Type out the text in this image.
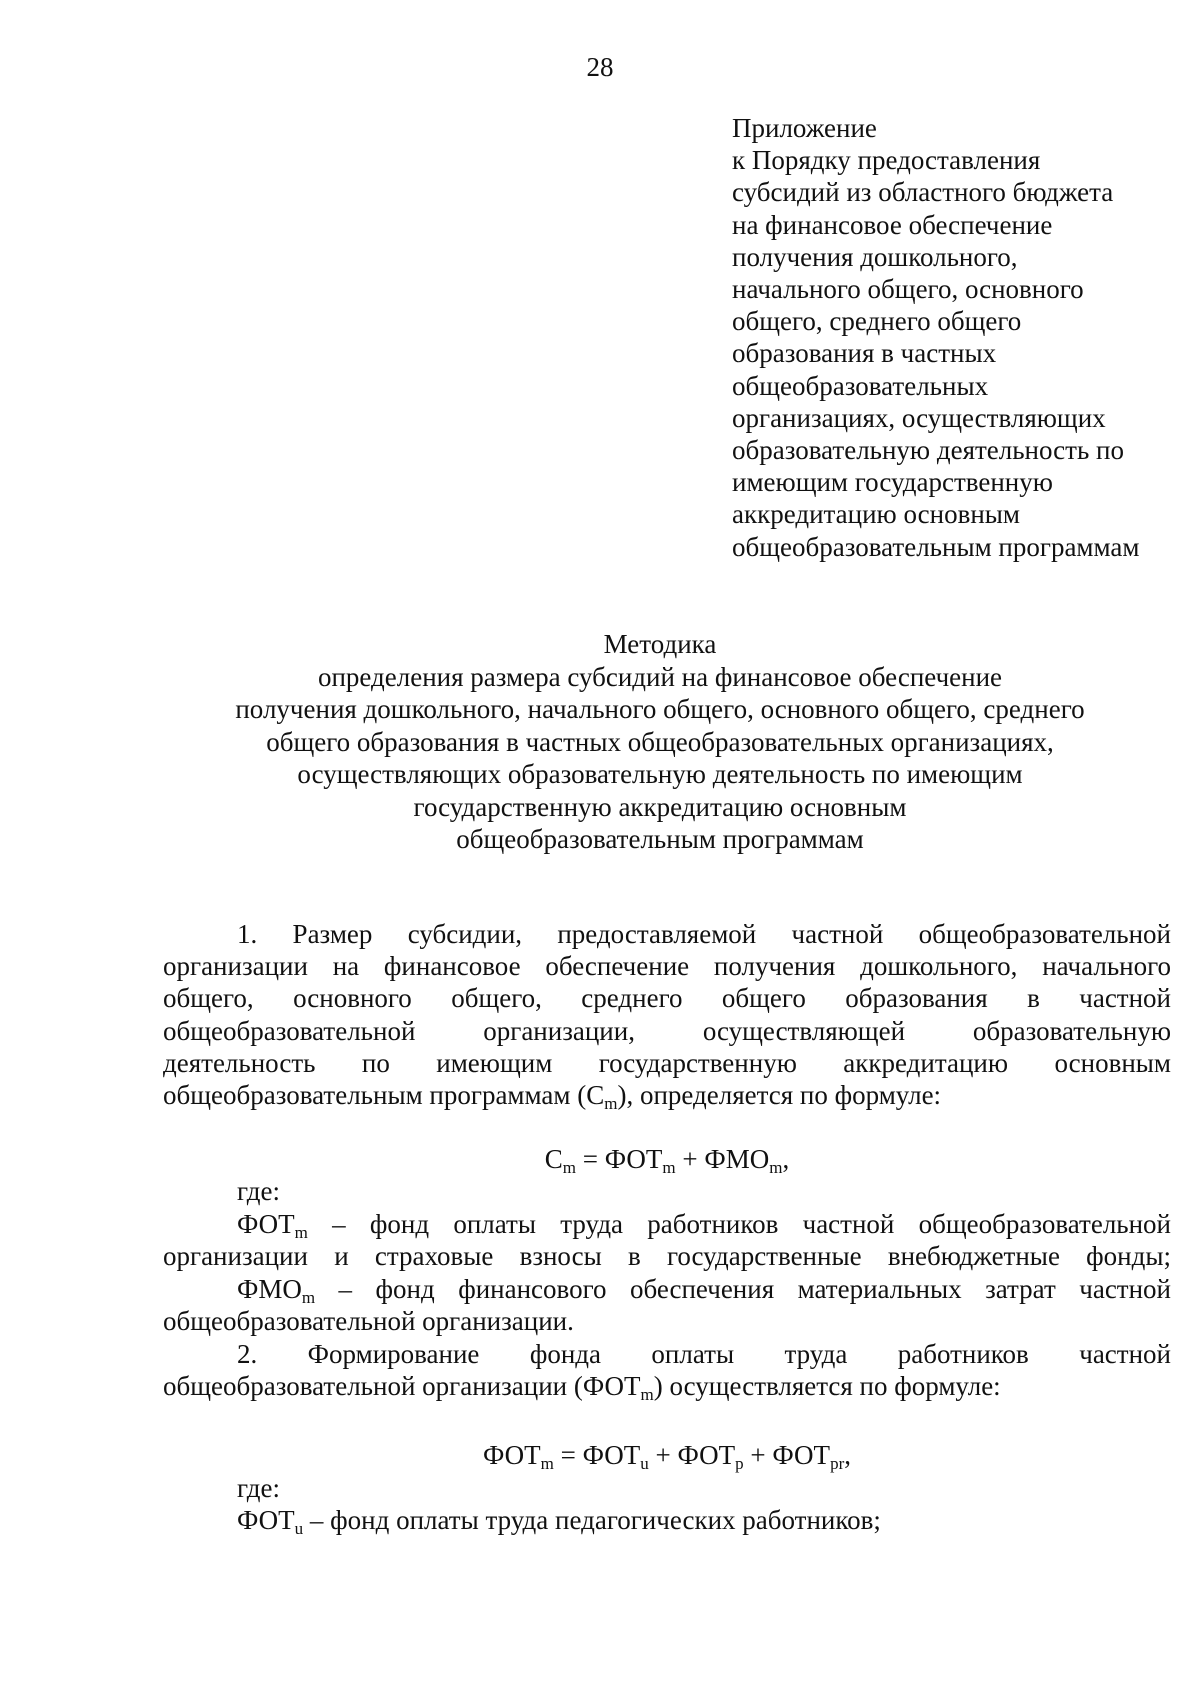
28
Приложение
к Порядку предоставления
субсидий из областного бюджета
на финансовое обеспечение
получения дошкольного,
начального общего, основного
общего, среднего общего
образования в частных
общеобразовательных
организациях, осуществляющих
образовательную деятельность по
имеющим государственную
аккредитацию основным
общеобразовательным программам
Методика
определения размера субсидий на финансовое обеспечение
получения дошкольного, начального общего, основного общего, среднего
общего образования в частных общеобразовательных организациях,
осуществляющих образовательную деятельность по имеющим
государственную аккредитацию основным
общеобразовательным программам
1. Размер субсидии, предоставляемой частной общеобразовательной
организации на финансовое обеспечение получения дошкольного, начального
общего, основного общего, среднего общего образования в частной
общеобразовательной организации, осуществляющей образовательную
деятельность по имеющим государственную аккредитацию основным
общеобразовательным программам $(C_m)$, определяется по формуле:
$C_m = ФОТ_m + ФМО_m$,
где:
$ФОТ_m$ – фонд оплаты труда работников частной общеобразовательной
организации и страховые взносы в государственные внебюджетные фонды;
$ФМО_m$ – фонд финансового обеспечения материальных затрат частной
общеобразовательной организации.
2. Формирование фонда оплаты труда работников частной
общеобразовательной организации $(ФОТ_m)$ осуществляется по формуле:
$ФОТ_m = ФОТ_u + ФОТ_p + ФОТ_{pr}$,
где:
$ФОТ_u$ – фонд оплаты труда педагогических работников;
